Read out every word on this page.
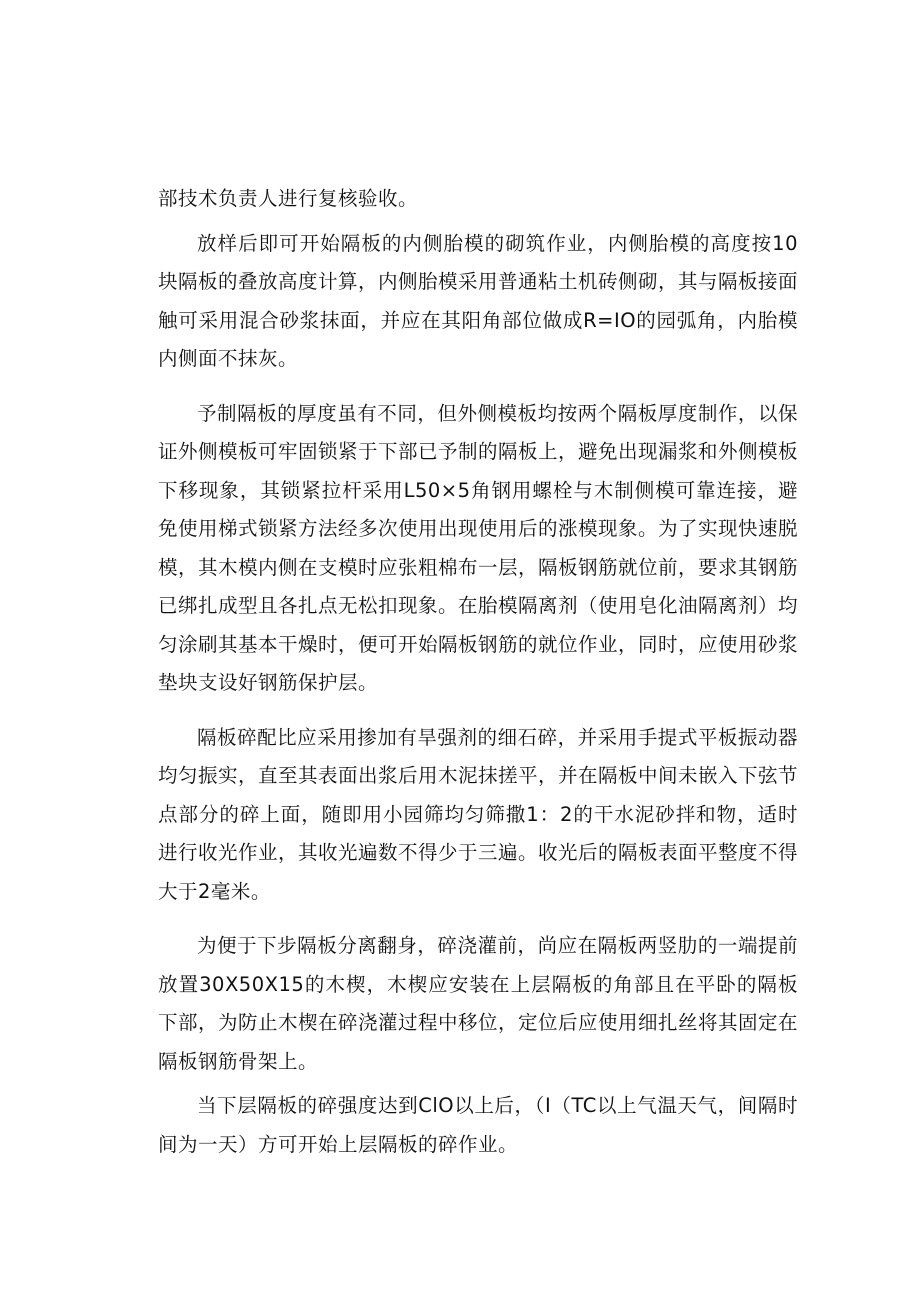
部技术负责人进行复核验收。

放样后即可开始隔板的内侧胎模的砌筑作业，内侧胎模的高度按10块隔板的叠放高度计算，内侧胎模采用普通粘土机砖侧砌，其与隔板接面触可采用混合砂浆抹面，并应在其阳角部位做成R=IO的园弧角，内胎模内侧面不抹灰。

予制隔板的厚度虽有不同，但外侧模板均按两个隔板厚度制作，以保证外侧模板可牢固锁紧于下部已予制的隔板上，避免出现漏浆和外侧模板下移现象，其锁紧拉杆采用L50×5角钢用螺栓与木制侧模可靠连接，避免使用梯式锁紧方法经多次使用出现使用后的涨模现象。为了实现快速脱模，其木模内侧在支模时应张粗棉布一层，隔板钢筋就位前，要求其钢筋已绑扎成型且各扎点无松扣现象。在胎模隔离剂（使用皂化油隔离剂）均匀涂刷其基本干燥时，便可开始隔板钢筋的就位作业，同时，应使用砂浆垫块支设好钢筋保护层。

隔板碎配比应采用掺加有旱强剂的细石碎，并采用手提式平板振动器均匀振实，直至其表面出浆后用木泥抹搓平，并在隔板中间未嵌入下弦节点部分的碎上面，随即用小园筛均匀筛撒1：2的干水泥砂拌和物，适时进行收光作业，其收光遍数不得少于三遍。收光后的隔板表面平整度不得大于2毫米。

为便于下步隔板分离翻身，碎浇灌前，尚应在隔板两竖肋的一端提前放置30X50X15的木楔，木楔应安装在上层隔板的角部且在平卧的隔板下部，为防止木楔在碎浇灌过程中移位，定位后应使用细扎丝将其固定在隔板钢筋骨架上。

当下层隔板的碎强度达到ClO以上后，（I（TC以上气温天气，间隔时间为一天）方可开始上层隔板的碎作业。
